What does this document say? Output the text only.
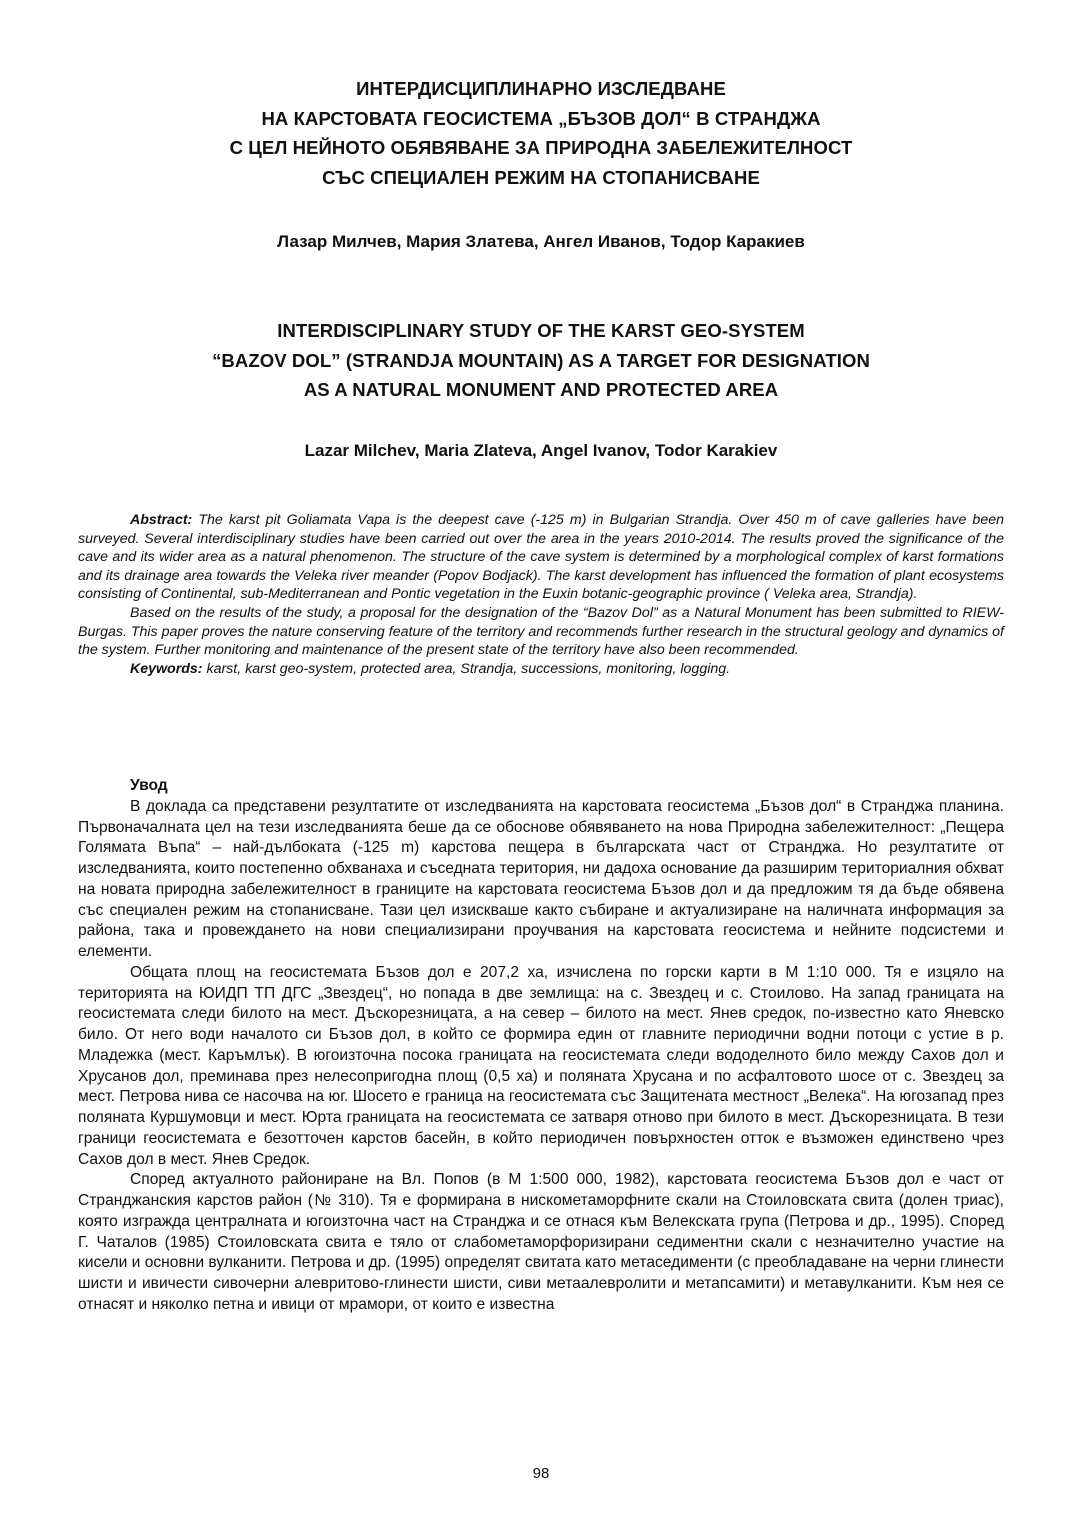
ИНТЕРДИСЦИПЛИНАРНО ИЗСЛЕДВАНЕ
НА КАРСТОВАТА ГЕОСИСТЕМА „БЪЗОВ ДОЛ“ В СТРАНДЖА
С ЦЕЛ НЕЙНОТО ОБЯВЯВАНЕ ЗА ПРИРОДНА ЗАБЕЛЕЖИТЕЛНОСТ
СЪС СПЕЦИАЛЕН РЕЖИМ НА СТОПАНИСВАНЕ
Лазар Милчев, Мария Златева, Ангел Иванов, Тодор Каракиев
INTERDISCIPLINARY STUDY OF THE KARST GEO-SYSTEM
“BAZOV DOL” (STRANDJA MOUNTAIN) AS A TARGET FOR DESIGNATION
AS A NATURAL MONUMENT AND PROTECTED AREA
Lazar Milchev, Maria Zlateva, Angel Ivanov, Todor Karakiev

Abstract: The karst pit Goliamata Vapa is the deepest cave (-125 m) in Bulgarian Strandja. Over 450 m of cave galleries have been surveyed. Several interdisciplinary studies have been carried out over the area in the years 2010-2014. The results proved the significance of the cave and its wider area as a natural phenomenon. The structure of the cave system is determined by a morphological complex of karst formations and its drainage area towards the Veleka river meander (Popov Bodjack). The karst development has influenced the formation of plant ecosystems consisting of Continental, sub-Mediterranean and Pontic vegetation in the Euxin botanic-geographic province ( Veleka area, Strandja).

Based on the results of the study, a proposal for the designation of the “Bazov Dol” as a Natural Monument has been submitted to RIEW-Burgas. This paper proves the nature conserving feature of the territory and recommends further research in the structural geology and dynamics of the system. Further monitoring and maintenance of the present state of the territory have also been recommended.

Keywords: karst, karst geo-system, protected area, Strandja, successions, monitoring, logging.

Увод

В доклада са представени резултатите от изследванията на карстовата геосистема „Бъзов дол“ в Странджа планина. Първоначалната цел на тези изследванията беше да се обоснове обявяването на нова Природна забележителност: „Пещера Голямата Въпа“ – най-дълбоката (-125 m) карстова пещера в българската част от Странджа. Но резултатите от изследванията, които постепенно обхванаха и съседната територия, ни дадоха основание да разширим териториалния обхват на новата природна забележителност в границите на карстовата геосистема Бъзов дол и да предложим тя да бъде обявена със специален режим на стопанисване. Тази цел изискваше както събиране и актуализиране на наличната информация за района, така и провеждането на нови специализирани проучвания на карстовата геосистема и нейните подсистеми и елементи.

Общата площ на геосистемата Бъзов дол е 207,2 ха, изчислена по горски карти в М 1:10 000. Тя е изцяло на територията на ЮИДП ТП ДГС „Звездец“, но попада в две землища: на с. Звездец и с. Стоилово. На запад границата на геосистемата следи билото на мест. Дъскорезницата, а на север – билото на мест. Янев средок, по-известно като Яневско било. От него води началото си Бъзов дол, в който се формира един от главните периодични водни потоци с устие в р. Младежка (мест. Каръмлък). В югоизточна посока границата на геосистемата следи вододелното било между Сахов дол и Хрусанов дол, преминава през нелесопригодна площ (0,5 ха) и поляната Хрусана и по асфалтовото шосе от с. Звездец за мест. Петрова нива се насочва на юг. Шосето е граница на геосистемата със Защитената местност „Велека“. На югозапад през поляната Куршумовци и мест. Юрта границата на геосистемата се затваря отново при билото в мест. Дъскорезницата. В тези граници геосистемата е безотточен карстов басейн, в който периодичен повърхностен отток е възможен единствено чрез Сахов дол в мест. Янев Средок.

Според актуалното райониране на Вл. Попов (в М 1:500 000, 1982), карстовата геосистема Бъзов дол е част от Странджанския карстов район (№ 310). Тя е формирана в нискометаморфните скали на Стоиловската свита (долен триас), която изгражда централната и югоизточна част на Странджа и се отнася към Велекската група (Петрова и др., 1995). Според Г. Чаталов (1985) Стоиловската свита е тяло от слабометаморфоризирани седиментни скали с незначително участие на кисели и основни вулканити. Петрова и др. (1995) определят свитата като метаседименти (с преобладаване на черни глинести шисти и ивичести сивочерни алевритово-глинести шисти, сиви метаалевролити и метапсамити) и метавулканити. Към нея се отнасят и няколко петна и ивици от мрамори, от които е известна

98
